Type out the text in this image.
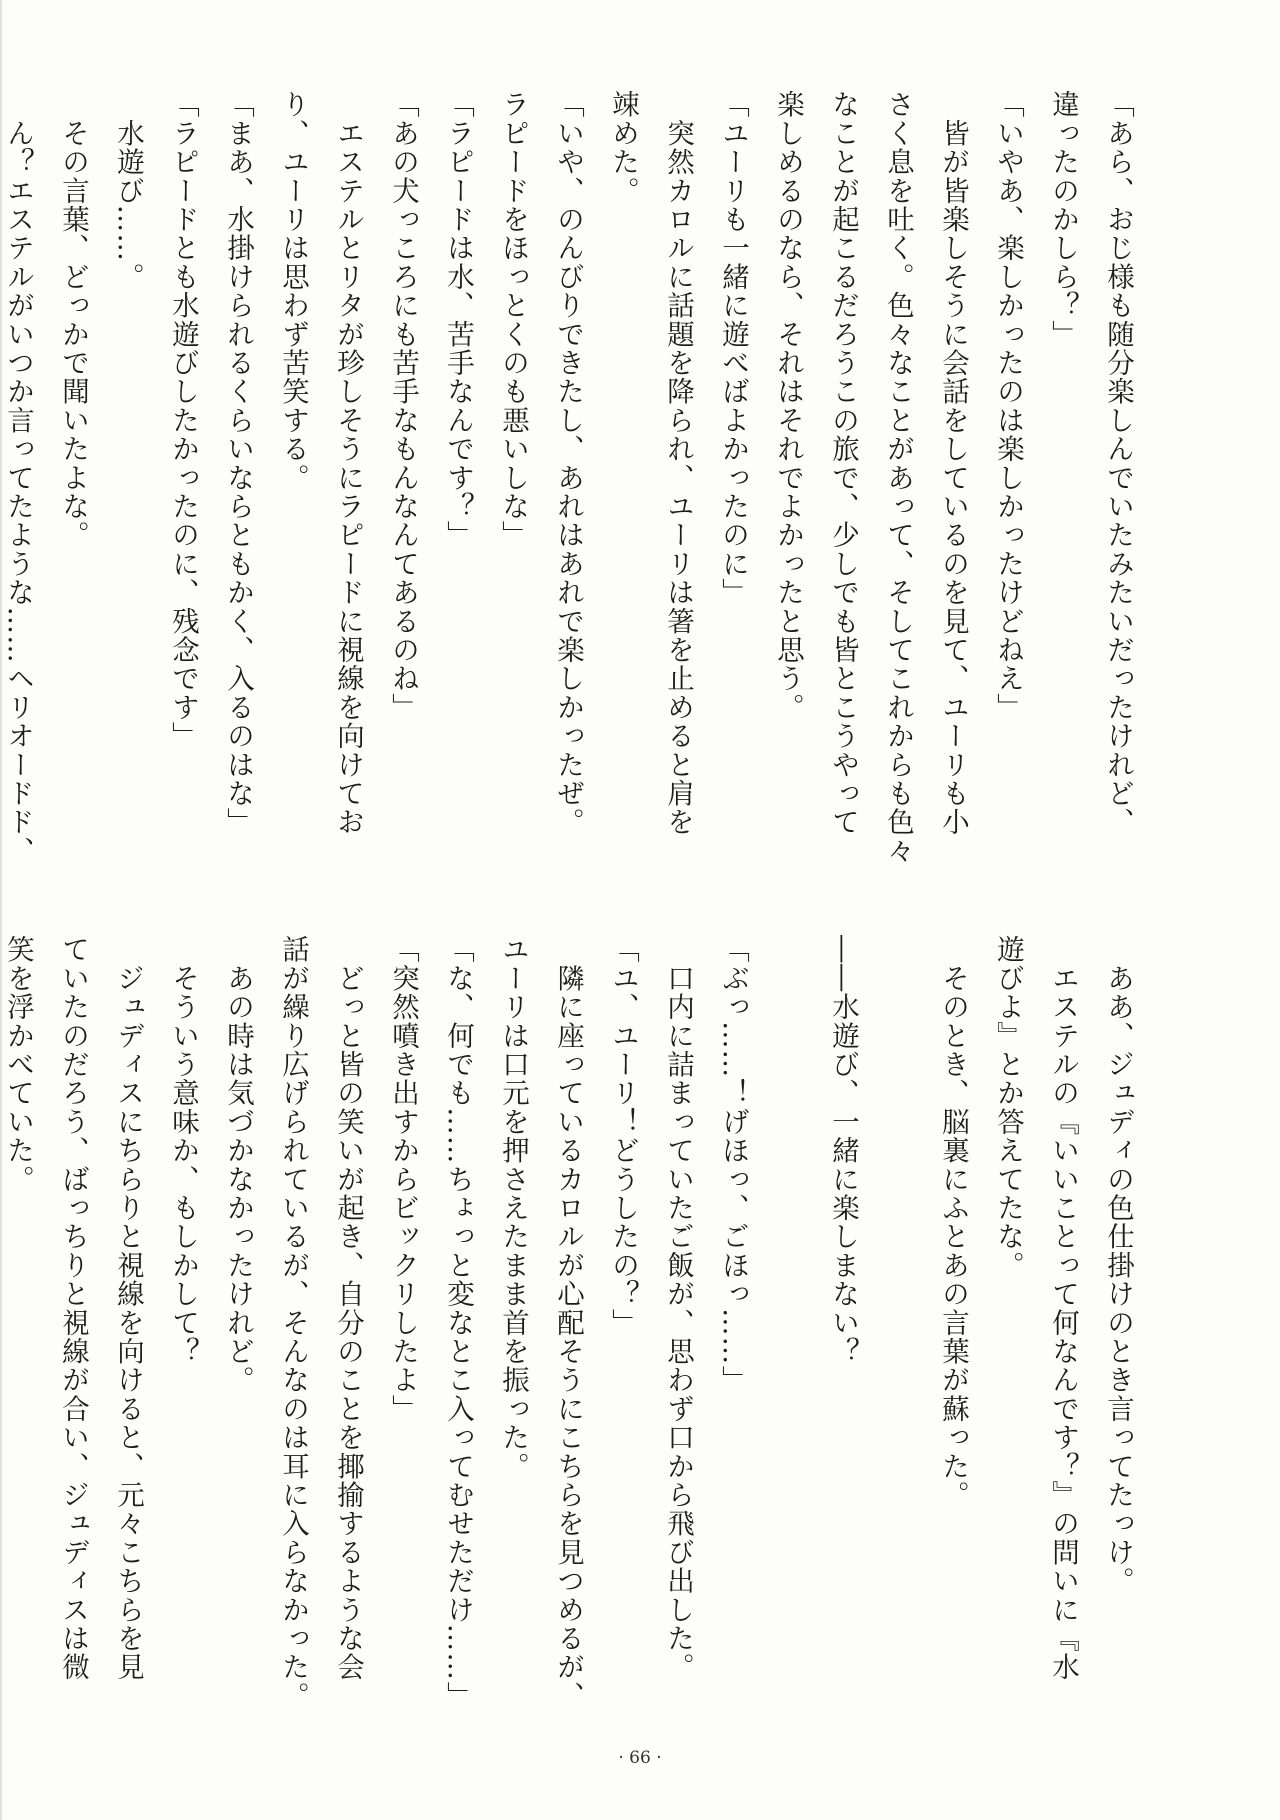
「あら、おじ様も随分楽しんでいたみたいだったけれど、
違ったのかしら？」
「いやあ、楽しかったのは楽しかったけどねえ」
　皆が皆楽しそうに会話をしているのを見て、ユーリも小
さく息を吐く。色々なことがあって、そしてこれからも色々
なことが起こるだろうこの旅で、少しでも皆とこうやって
楽しめるのなら、それはそれでよかったと思う。
「ユーリも一緒に遊べばよかったのに」
　突然カロルに話題を降られ、ユーリは箸を止めると肩を
竦めた。
「いや、のんびりできたし、あれはあれで楽しかったぜ。
ラピードをほっとくのも悪いしな」
「ラピードは水、苦手なんです？」
「あの犬っころにも苦手なもんなんてあるのね」
　エステルとリタが珍しそうにラピードに視線を向けてお
り、ユーリは思わず苦笑する。
「まあ、水掛けられるくらいならともかく、入るのはな」
「ラピードとも水遊びしたかったのに、残念です」
　水遊び……。
　その言葉、どっかで聞いたよな。
　ん？エステルがいつか言ってたような……ヘリオードド、
　ああ、ジュディの色仕掛けのとき言ってたっけ。
　エステルの『いいことって何なんです？』の問いに『水
遊びよ』とか答えてたな。
　そのとき、脳裏にふとあの言葉が蘇った。

――水遊び、一緒に楽しまない？

「ぶっ……！げほっ、ごほっ……」
　口内に詰まっていたご飯が、思わず口から飛び出した。
「ユ、ユーリ！どうしたの？」
　隣に座っているカロルが心配そうにこちらを見つめるが、
ユーリは口元を押さえたまま首を振った。
「な、何でも……ちょっと変なとこ入ってむせただけ……」
「突然噴き出すからビックリしたよ」
　どっと皆の笑いが起き、自分のことを揶揄するような会
話が繰り広げられているが、そんなのは耳に入らなかった。
　あの時は気づかなかったけれど。
　そういう意味か、もしかして？
　ジュディスにちらりと視線を向けると、元々こちらを見
ていたのだろう、ばっちりと視線が合い、ジュディスは微
笑を浮かべていた。
· 66 ·
